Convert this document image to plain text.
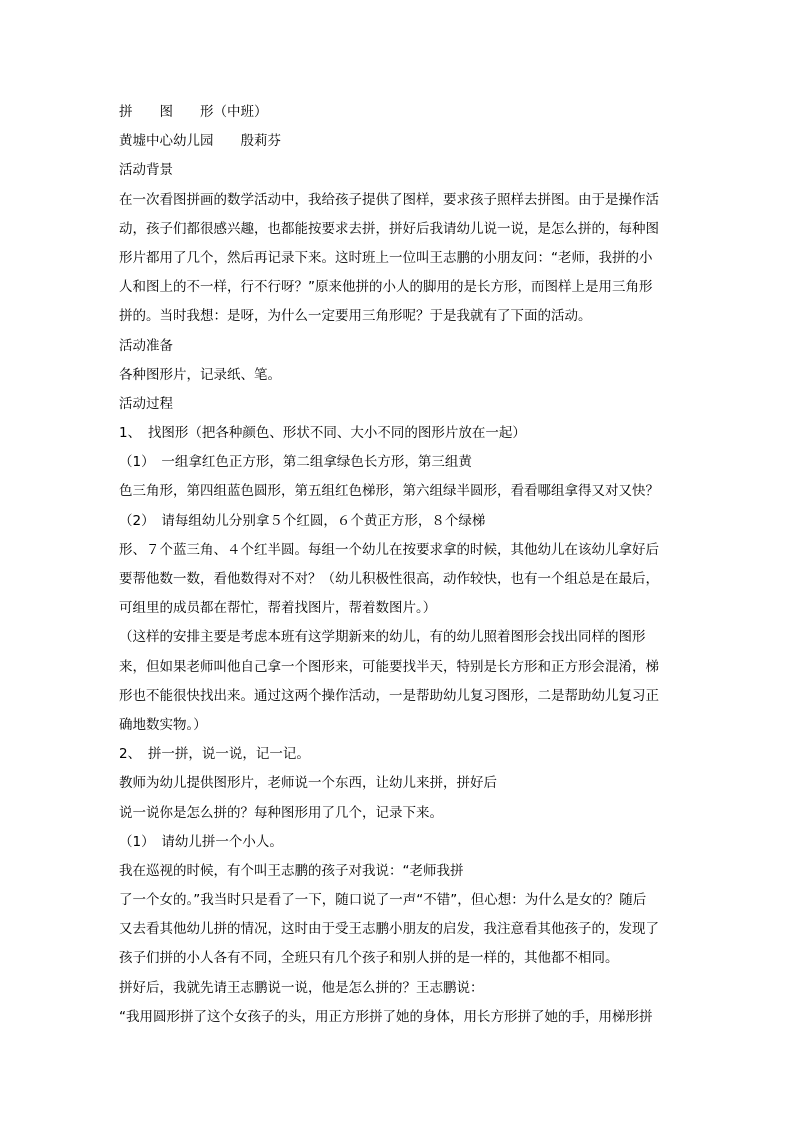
拼　　图　　形（中班）
黄墟中心幼儿园　　殷莉芬
活动背景
在一次看图拼画的数学活动中，我给孩子提供了图样，要求孩子照样去拼图。由于是操作活
动，孩子们都很感兴趣，也都能按要求去拼，拼好后我请幼儿说一说，是怎么拼的，每种图
形片都用了几个，然后再记录下来。这时班上一位叫王志鹏的小朋友问：“老师，我拼的小
人和图上的不一样，行不行呀？”原来他拼的小人的脚用的是长方形，而图样上是用三角形
拼的。当时我想：是呀，为什么一定要用三角形呢？于是我就有了下面的活动。
活动准备
各种图形片，记录纸、笔。
活动过程
1、　找图形（把各种颜色、形状不同、大小不同的图形片放在一起）
（1）　一组拿红色正方形，第二组拿绿色长方形，第三组黄
色三角形，第四组蓝色圆形，第五组红色梯形，第六组绿半圆形，看看哪组拿得又对又快？
（2）　请每组幼儿分别拿５个红圆，６个黄正方形，８个绿梯
形、７个蓝三角、４个红半圆。每组一个幼儿在按要求拿的时候，其他幼儿在该幼儿拿好后
要帮他数一数，看他数得对不对？（幼儿积极性很高，动作较快，也有一个组总是在最后，
可组里的成员都在帮忙，帮着找图片，帮着数图片。）
（这样的安排主要是考虑本班有这学期新来的幼儿，有的幼儿照着图形会找出同样的图形
来，但如果老师叫他自己拿一个图形来，可能要找半天，特别是长方形和正方形会混淆，梯
形也不能很快找出来。通过这两个操作活动，一是帮助幼儿复习图形，二是帮助幼儿复习正
确地数实物。）
2、　拼一拼，说一说，记一记。
教师为幼儿提供图形片，老师说一个东西，让幼儿来拼，拼好后
说一说你是怎么拼的？每种图形用了几个，记录下来。
（1）　请幼儿拼一个小人。
我在巡视的时候，有个叫王志鹏的孩子对我说：“老师我拼
了一个女的。”我当时只是看了一下，随口说了一声“不错”，但心想：为什么是女的？随后
又去看其他幼儿拼的情况，这时由于受王志鹏小朋友的启发，我注意看其他孩子的，发现了
孩子们拼的小人各有不同，全班只有几个孩子和别人拼的是一样的，其他都不相同。
拼好后，我就先请王志鹏说一说，他是怎么拼的？王志鹏说：
“我用圆形拼了这个女孩子的头，用正方形拼了她的身体，用长方形拼了她的手，用梯形拼
